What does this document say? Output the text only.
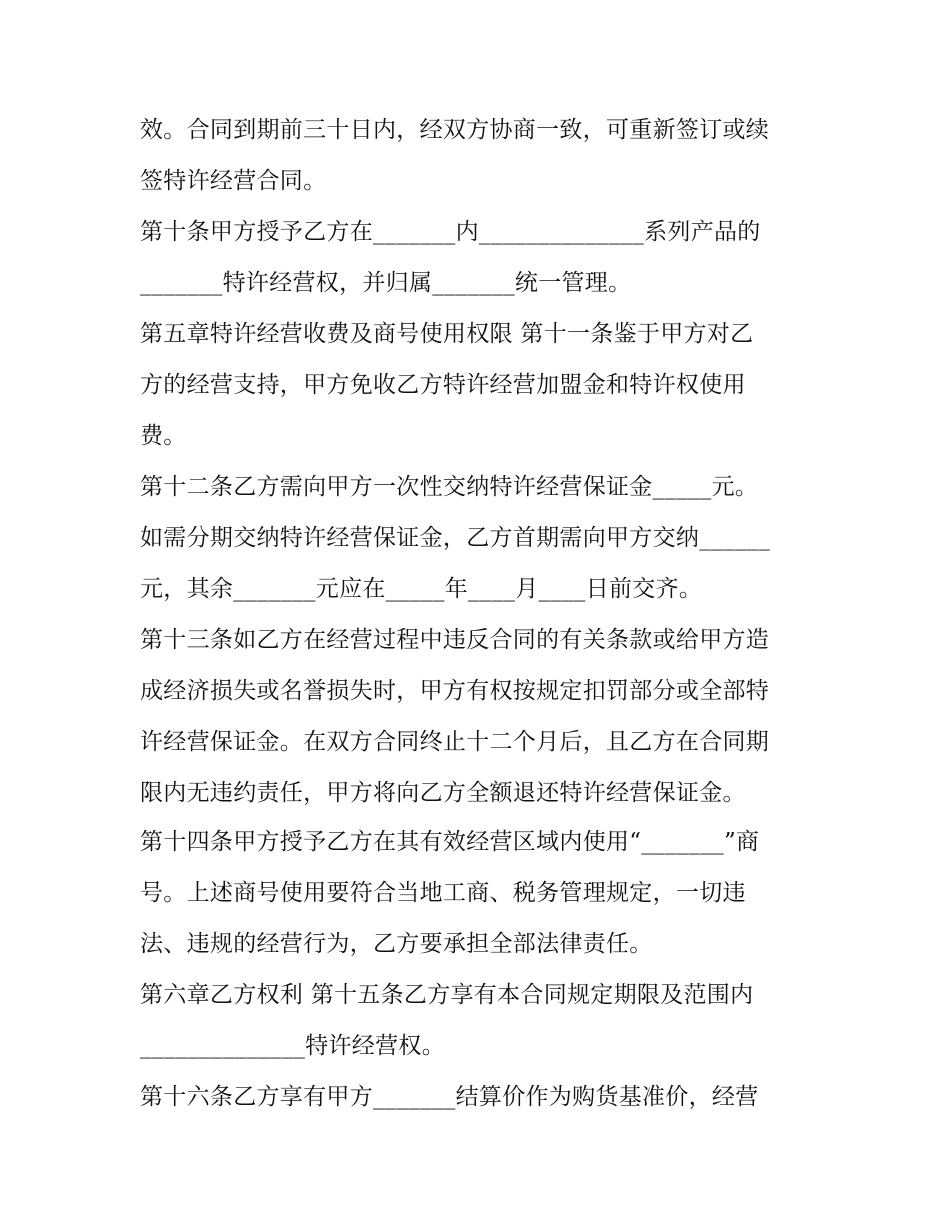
效。合同到期前三十日内，经双方协商一致，可重新签订或续
签特许经营合同。
第十条甲方授予乙方在_______内______________系列产品的
_______特许经营权，并归属_______统一管理。
第五章特许经营收费及商号使用权限 第十一条鉴于甲方对乙
方的经营支持，甲方免收乙方特许经营加盟金和特许权使用
费。
第十二条乙方需向甲方一次性交纳特许经营保证金_____元。
如需分期交纳特许经营保证金，乙方首期需向甲方交纳______
元，其余_______元应在_____年____月____日前交齐。
第十三条如乙方在经营过程中违反合同的有关条款或给甲方造
成经济损失或名誉损失时，甲方有权按规定扣罚部分或全部特
许经营保证金。在双方合同终止十二个月后，且乙方在合同期
限内无违约责任，甲方将向乙方全额退还特许经营保证金。
第十四条甲方授予乙方在其有效经营区域内使用“_______”商
号。上述商号使用要符合当地工商、税务管理规定，一切违
法、违规的经营行为，乙方要承担全部法律责任。
第六章乙方权利 第十五条乙方享有本合同规定期限及范围内
______________特许经营权。
第十六条乙方享有甲方_______结算价作为购货基准价，经营
